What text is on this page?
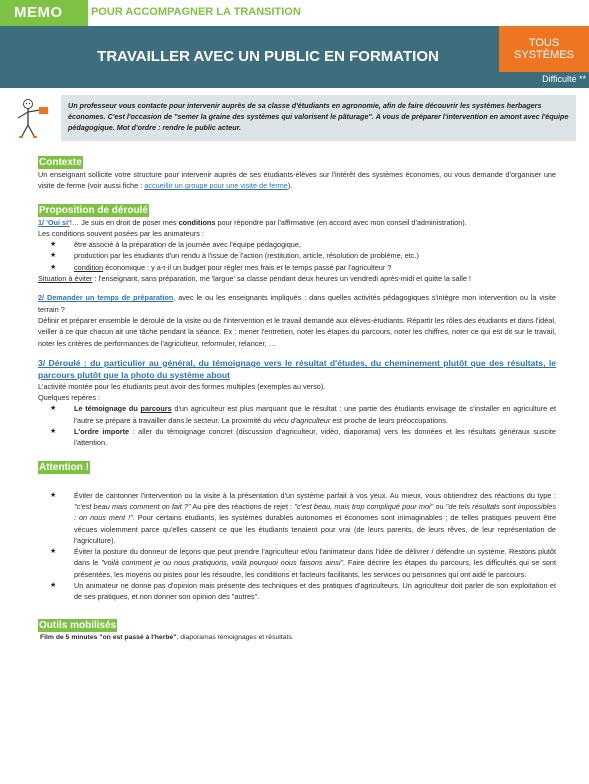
MEMO	POUR ACCOMPAGNER LA TRANSITION
TRAVAILLER AVEC UN PUBLIC EN FORMATION
TOUS
SYSTÈMES
Difficulté **
Un professeur vous contacte pour intervenir auprès de sa classe d'étudiants en agronomie, afin de faire découvrir les systèmes herbagers économes. C'est l'occasion de "semer la graine des systèmes qui valorisent le pâturage". A vous de préparer l'intervention en amont avec l'équipe pédagogique. Mot d'ordre : rendre le public acteur.
Contexte

Un enseignant sollicite votre structure pour intervenir auprès de ses étudiants-élèves sur l'intérêt des systèmes économes, ou vous demande d'organiser une visite de ferme (voir aussi fiche : accueillir un groupe pour une visite de ferme).

Proposition de déroulé

1/ 'Oui si'!… Je suis en droit de poser mes conditions pour répondre par l'affirmative (en accord avec mon conseil d'administration).

Les conditions souvent posées par les animateurs :

★ être associé à la préparation de la journée avec l'équipe pédagogique,
★ production par les étudiants d'un rendu à l'issue de l'action (restitution, article, résolution de problème, etc.)
★ condition économique : y a-t-il un budget pour régler mes frais et le temps passé par l'agriculteur ?

Situation à éviter : l'enseignant, sans préparation, me 'largue' sa classe pendant deux heures un vendredi après-midi et quitte la salle !

2/ Demander un temps de préparation, avec le ou les enseignants impliqués : dans quelles activités pédagogiques s'intègre mon intervention ou la visite terrain ?

Définir et préparer ensemble le déroulé de la visite ou de l'intervention et le travail demandé aux élèves-étudiants. Répartir les rôles des étudiants et dans l'idéal, veiller à ce que chacun ait une tâche pendant la séance. Ex : mener l'entretien, noter les étapes du parcours, noter les chiffres, noter ce qui est dit sur le travail, noter les critères de performances de l'agriculteur, reformuler, relancer, …

3/ Déroulé : du particulier au général, du témoignage vers le résultat d'études, du cheminement plutôt que des résultats, le parcours plutôt que la photo du système about

L'activité montée pour les étudiants peut avoir des formes multiples (exemples au verso).

Quelques repères :

★ Le témoignage du parcours d'un agriculteur est plus marquant que le résultat : une partie des étudiants envisage de s'installer en agriculture et l'autre se prépare à travailler dans le secteur. La proximité du vécu d'agriculteur est proche de leurs préoccupations.
★ L'ordre importe : aller du témoignage concret (discussion d'agriculteur, vidéo, diaporama) vers les données et les résultats généraux suscite l'attention.
Attention !
★ Éviter de cantonner l'intervention ou la visite à la présentation d'un système parfait à vos yeux. Au mieux, vous obtiendrez des réactions du type : "c'est beau mais comment on fait ?" Au pire des réactions de rejet : "c'est beau, mais trop compliqué pour moi" ou "de tels résultats sont impossibles : on nous ment !". Pour certains étudiants, les systèmes durables autonomes et économes sont inimaginables ; de telles pratiques peuvent être vécues violemment parce qu'elles cassent ce que les étudiants tenaient pour vrai (de leurs parents, de leurs rêves, de leur représentation de l'agriculture).
★ Éviter la posture du donneur de leçons que peut prendre l'agriculteur et/ou l'animateur dans l'idée de délivrer / défendre un système. Restons plutôt dans le "voilà comment je ou nous pratiquons, voilà pourquoi nous faisons ainsi". Faire décrire les étapes du parcours, les difficultés qui se sont présentées, les moyens ou pistes pour les résoudre, les conditions et facteurs facilitants, les services ou personnes qui ont aidé le parcours.
★ Un animateur ne donne pas d'opinion mais présente des techniques et des pratiques d'agriculteurs. Un agriculteur doit parler de son exploitation et de ses pratiques, et non donner son opinion des "autres".
Outils mobilisés

Film de 5 minutes "on est passé à l'herbe", diaporamas témoignages et résultats.
